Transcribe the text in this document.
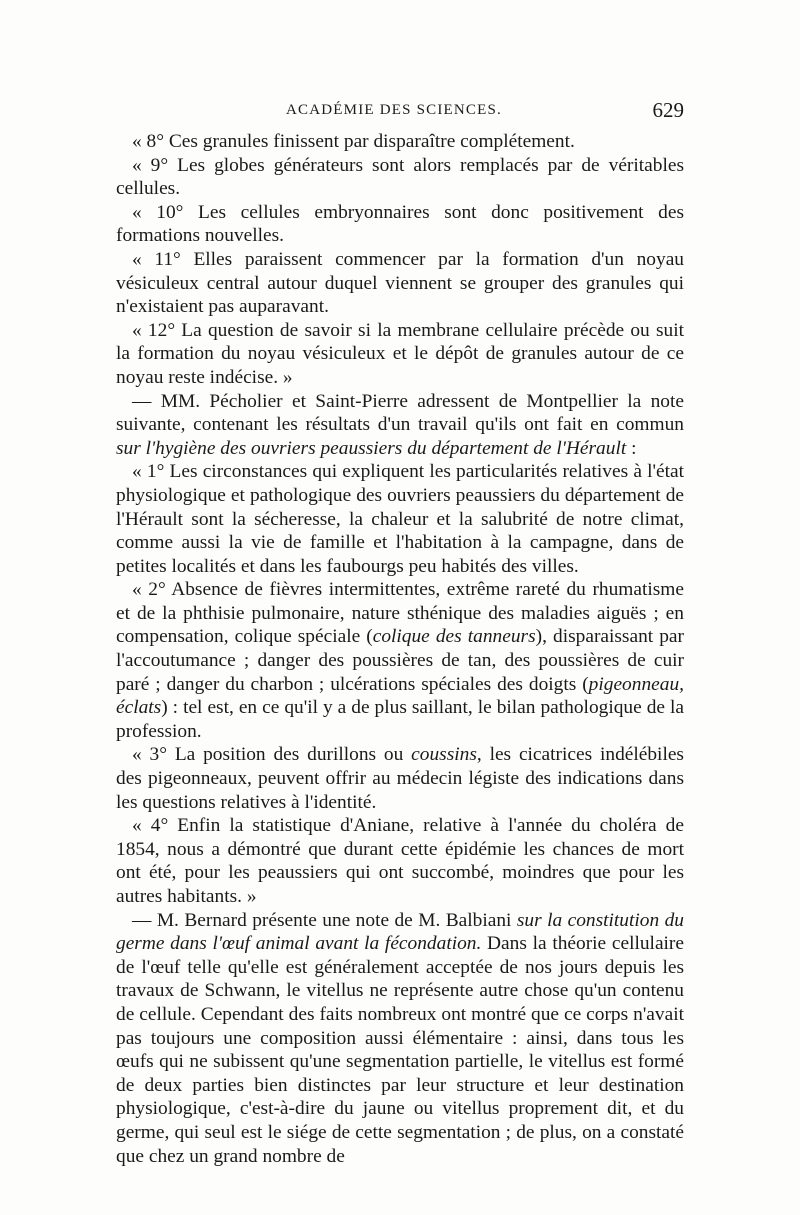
ACADÉMIE DES SCIENCES.	629

« 8° Ces granules finissent par disparaître complétement.

« 9° Les globes générateurs sont alors remplacés par de véritables cellules.

« 10° Les cellules embryonnaires sont donc positivement des formations nouvelles.

« 11° Elles paraissent commencer par la formation d'un noyau vésiculeux central autour duquel viennent se grouper des granules qui n'existaient pas auparavant.

« 12° La question de savoir si la membrane cellulaire précède ou suit la formation du noyau vésiculeux et le dépôt de granules autour de ce noyau reste indécise. »

— MM. Pécholier et Saint-Pierre adressent de Montpellier la note suivante, contenant les résultats d'un travail qu'ils ont fait en commun sur l'hygiène des ouvriers peaussiers du département de l'Hérault :

« 1° Les circonstances qui expliquent les particularités relatives à l'état physiologique et pathologique des ouvriers peaussiers du département de l'Hérault sont la sécheresse, la chaleur et la salubrité de notre climat, comme aussi la vie de famille et l'habitation à la campagne, dans de petites localités et dans les faubourgs peu habités des villes.

« 2° Absence de fièvres intermittentes, extrême rareté du rhumatisme et de la phthisie pulmonaire, nature sthénique des maladies aiguës ; en compensation, colique spéciale (colique des tanneurs), disparaissant par l'accoutumance ; danger des poussières de tan, des poussières de cuir paré ; danger du charbon ; ulcérations spéciales des doigts (pigeonneau, éclats) : tel est, en ce qu'il y a de plus saillant, le bilan pathologique de la profession.

« 3° La position des durillons ou coussins, les cicatrices indélébiles des pigeonneaux, peuvent offrir au médecin légiste des indications dans les questions relatives à l'identité.

« 4° Enfin la statistique d'Aniane, relative à l'année du choléra de 1854, nous a démontré que durant cette épidémie les chances de mort ont été, pour les peaussiers qui ont succombé, moindres que pour les autres habitants. »

— M. Bernard présente une note de M. Balbiani sur la constitution du germe dans l'œuf animal avant la fécondation. Dans la théorie cellulaire de l'œuf telle qu'elle est généralement acceptée de nos jours depuis les travaux de Schwann, le vitellus ne représente autre chose qu'un contenu de cellule. Cependant des faits nombreux ont montré que ce corps n'avait pas toujours une composition aussi élémentaire : ainsi, dans tous les œufs qui ne subissent qu'une segmentation partielle, le vitellus est formé de deux parties bien distinctes par leur structure et leur destination physiologique, c'est-à-dire du jaune ou vitellus proprement dit, et du germe, qui seul est le siége de cette segmentation ; de plus, on a constaté que chez un grand nombre de
